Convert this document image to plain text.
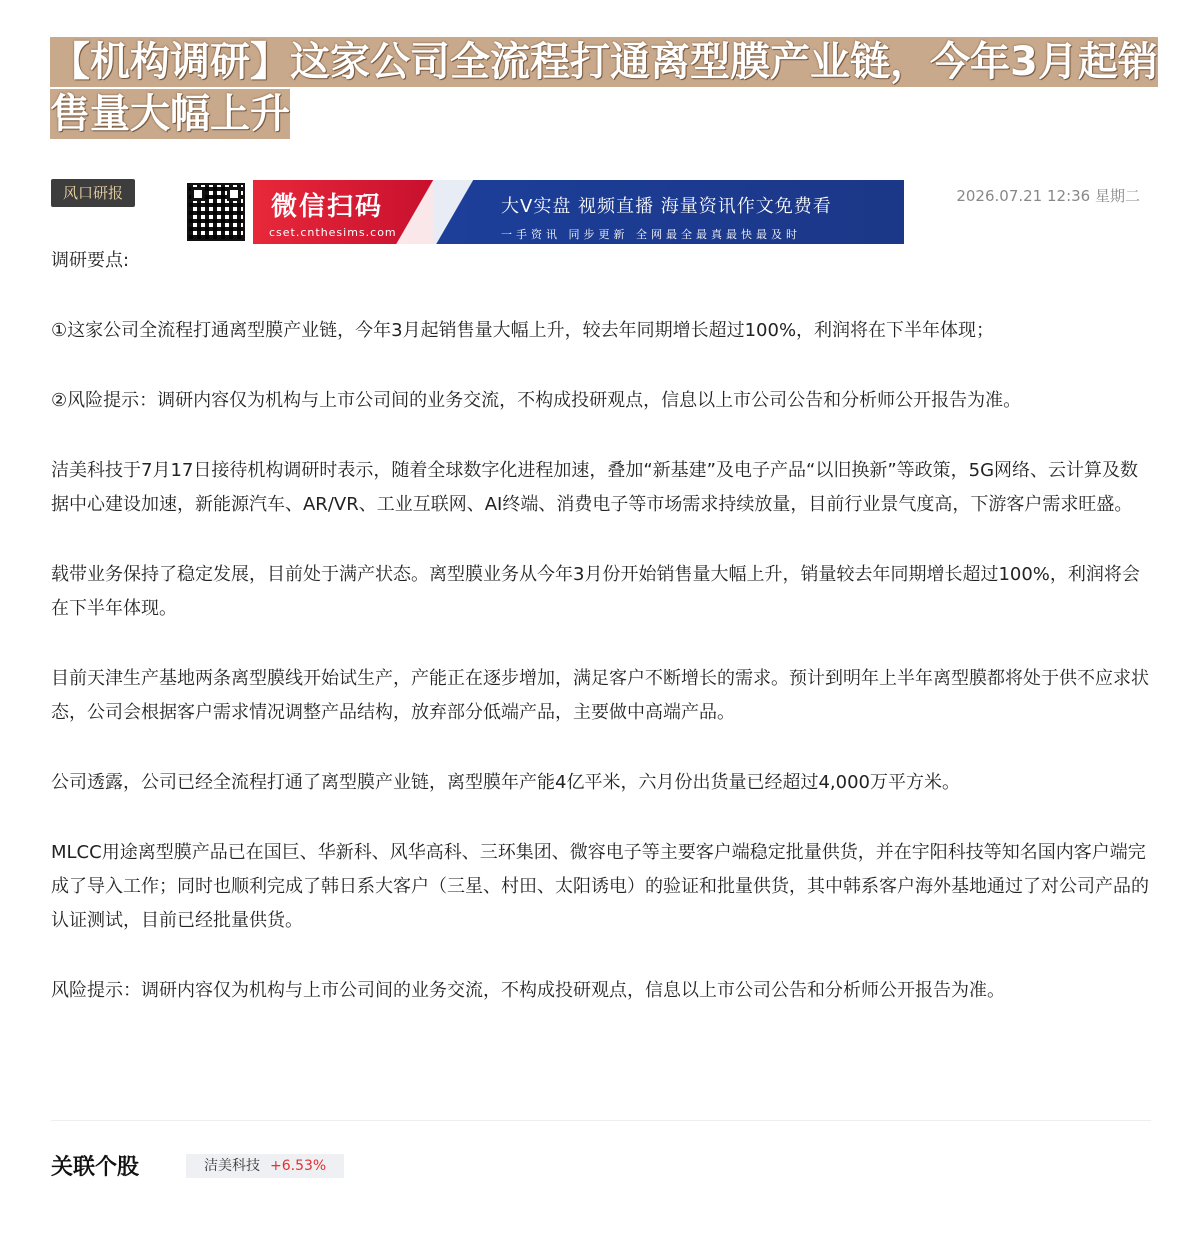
【机构调研】这家公司全流程打通离型膜产业链，今年3月起销售量大幅上升
风口研报	微信扫码
cset.cnthesims.com
大V实盘 视频直播 海量资讯作文免费看
一手资讯 同步更新 全网最全最真最快最及时
2026.07.21 12:36 星期二

调研要点:

①这家公司全流程打通离型膜产业链，今年3月起销售量大幅上升，较去年同期增长超过100%，利润将在下半年体现；

②风险提示：调研内容仅为机构与上市公司间的业务交流，不构成投研观点，信息以上市公司公告和分析师公开报告为准。

洁美科技于7月17日接待机构调研时表示，随着全球数字化进程加速，叠加“新基建”及电子产品“以旧换新”等政策，5G网络、云计算及数据中心建设加速，新能源汽车、AR/VR、工业互联网、AI终端、消费电子等市场需求持续放量，目前行业景气度高，下游客户需求旺盛。

载带业务保持了稳定发展，目前处于满产状态。离型膜业务从今年3月份开始销售量大幅上升，销量较去年同期增长超过100%，利润将会在下半年体现。

目前天津生产基地两条离型膜线开始试生产，产能正在逐步增加，满足客户不断增长的需求。预计到明年上半年离型膜都将处于供不应求状态，公司会根据客户需求情况调整产品结构，放弃部分低端产品，主要做中高端产品。

公司透露，公司已经全流程打通了离型膜产业链，离型膜年产能4亿平米，六月份出货量已经超过4,000万平方米。

MLCC用途离型膜产品已在国巨、华新科、风华高科、三环集团、微容电子等主要客户端稳定批量供货，并在宇阳科技等知名国内客户端完成了导入工作；同时也顺利完成了韩日系大客户（三星、村田、太阳诱电）的验证和批量供货，其中韩系客户海外基地通过了对公司产品的认证测试，目前已经批量供货。

风险提示：调研内容仅为机构与上市公司间的业务交流，不构成投研观点，信息以上市公司公告和分析师公开报告为准。

关联个股	洁美科技 +6.53%
